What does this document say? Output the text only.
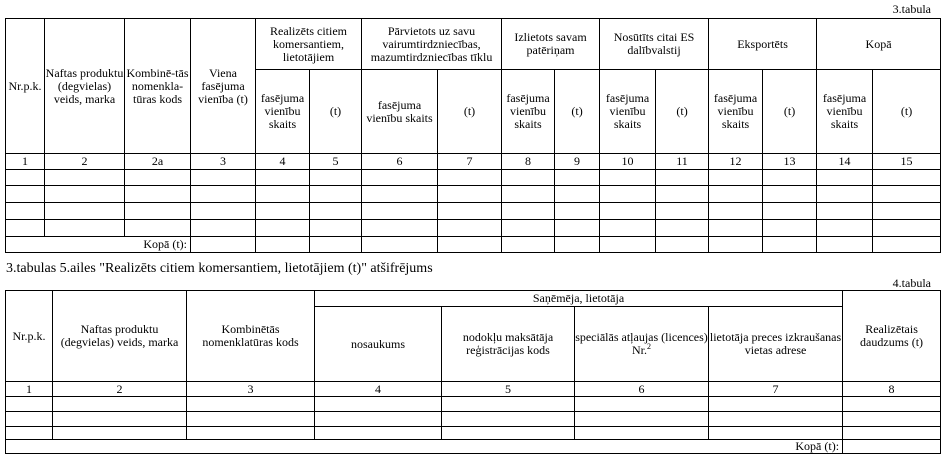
3.tabula
Nr.p.k.	Naftas produktu (degvielas) veids, marka	Kombinē-tās nomenkla-tūras kods	Viena fasējuma vienība (t)	Realizēts citiem komersantiem, lietotājiem		Pārvietots uz savu vairumtirdzniecības, mazumtirdzniecības tīklu		Izlietots savam patēriņam		Nosūtīts citai ES dalībvalstij		Eksportēts		Kopā		
				fasējuma vienību skaits	(t)	fasējuma vienību skaits	(t)	fasējuma vienību skaits	(t)	fasējuma vienību skaits	(t)	fasējuma vienību skaits	(t)	fasējuma vienību skaits	(t)	
1	2	2a	3	4	5	6	7	8	9	10	11	12	13	14	15	

Kopā (t):																
3.tabulas 5.ailes "Realizēts citiem komersantiem, lietotājiem (t)" atšifrējums
4.tabula
Nr.p.k.	Naftas produktu (degvielas) veids, marka	Kombinētās nomenklatūras kods	Saņēmēja, lietotāja				Realizētais daudzums (t)
			nosaukums	nodokļu maksātāja reģistrācijas kods	speciālās atļaujas (licences) Nr.$^2$	lietotāja preces izkraušanas vietas adrese	
1	2	3	4	5	6	7	8

Kopā (t):							
